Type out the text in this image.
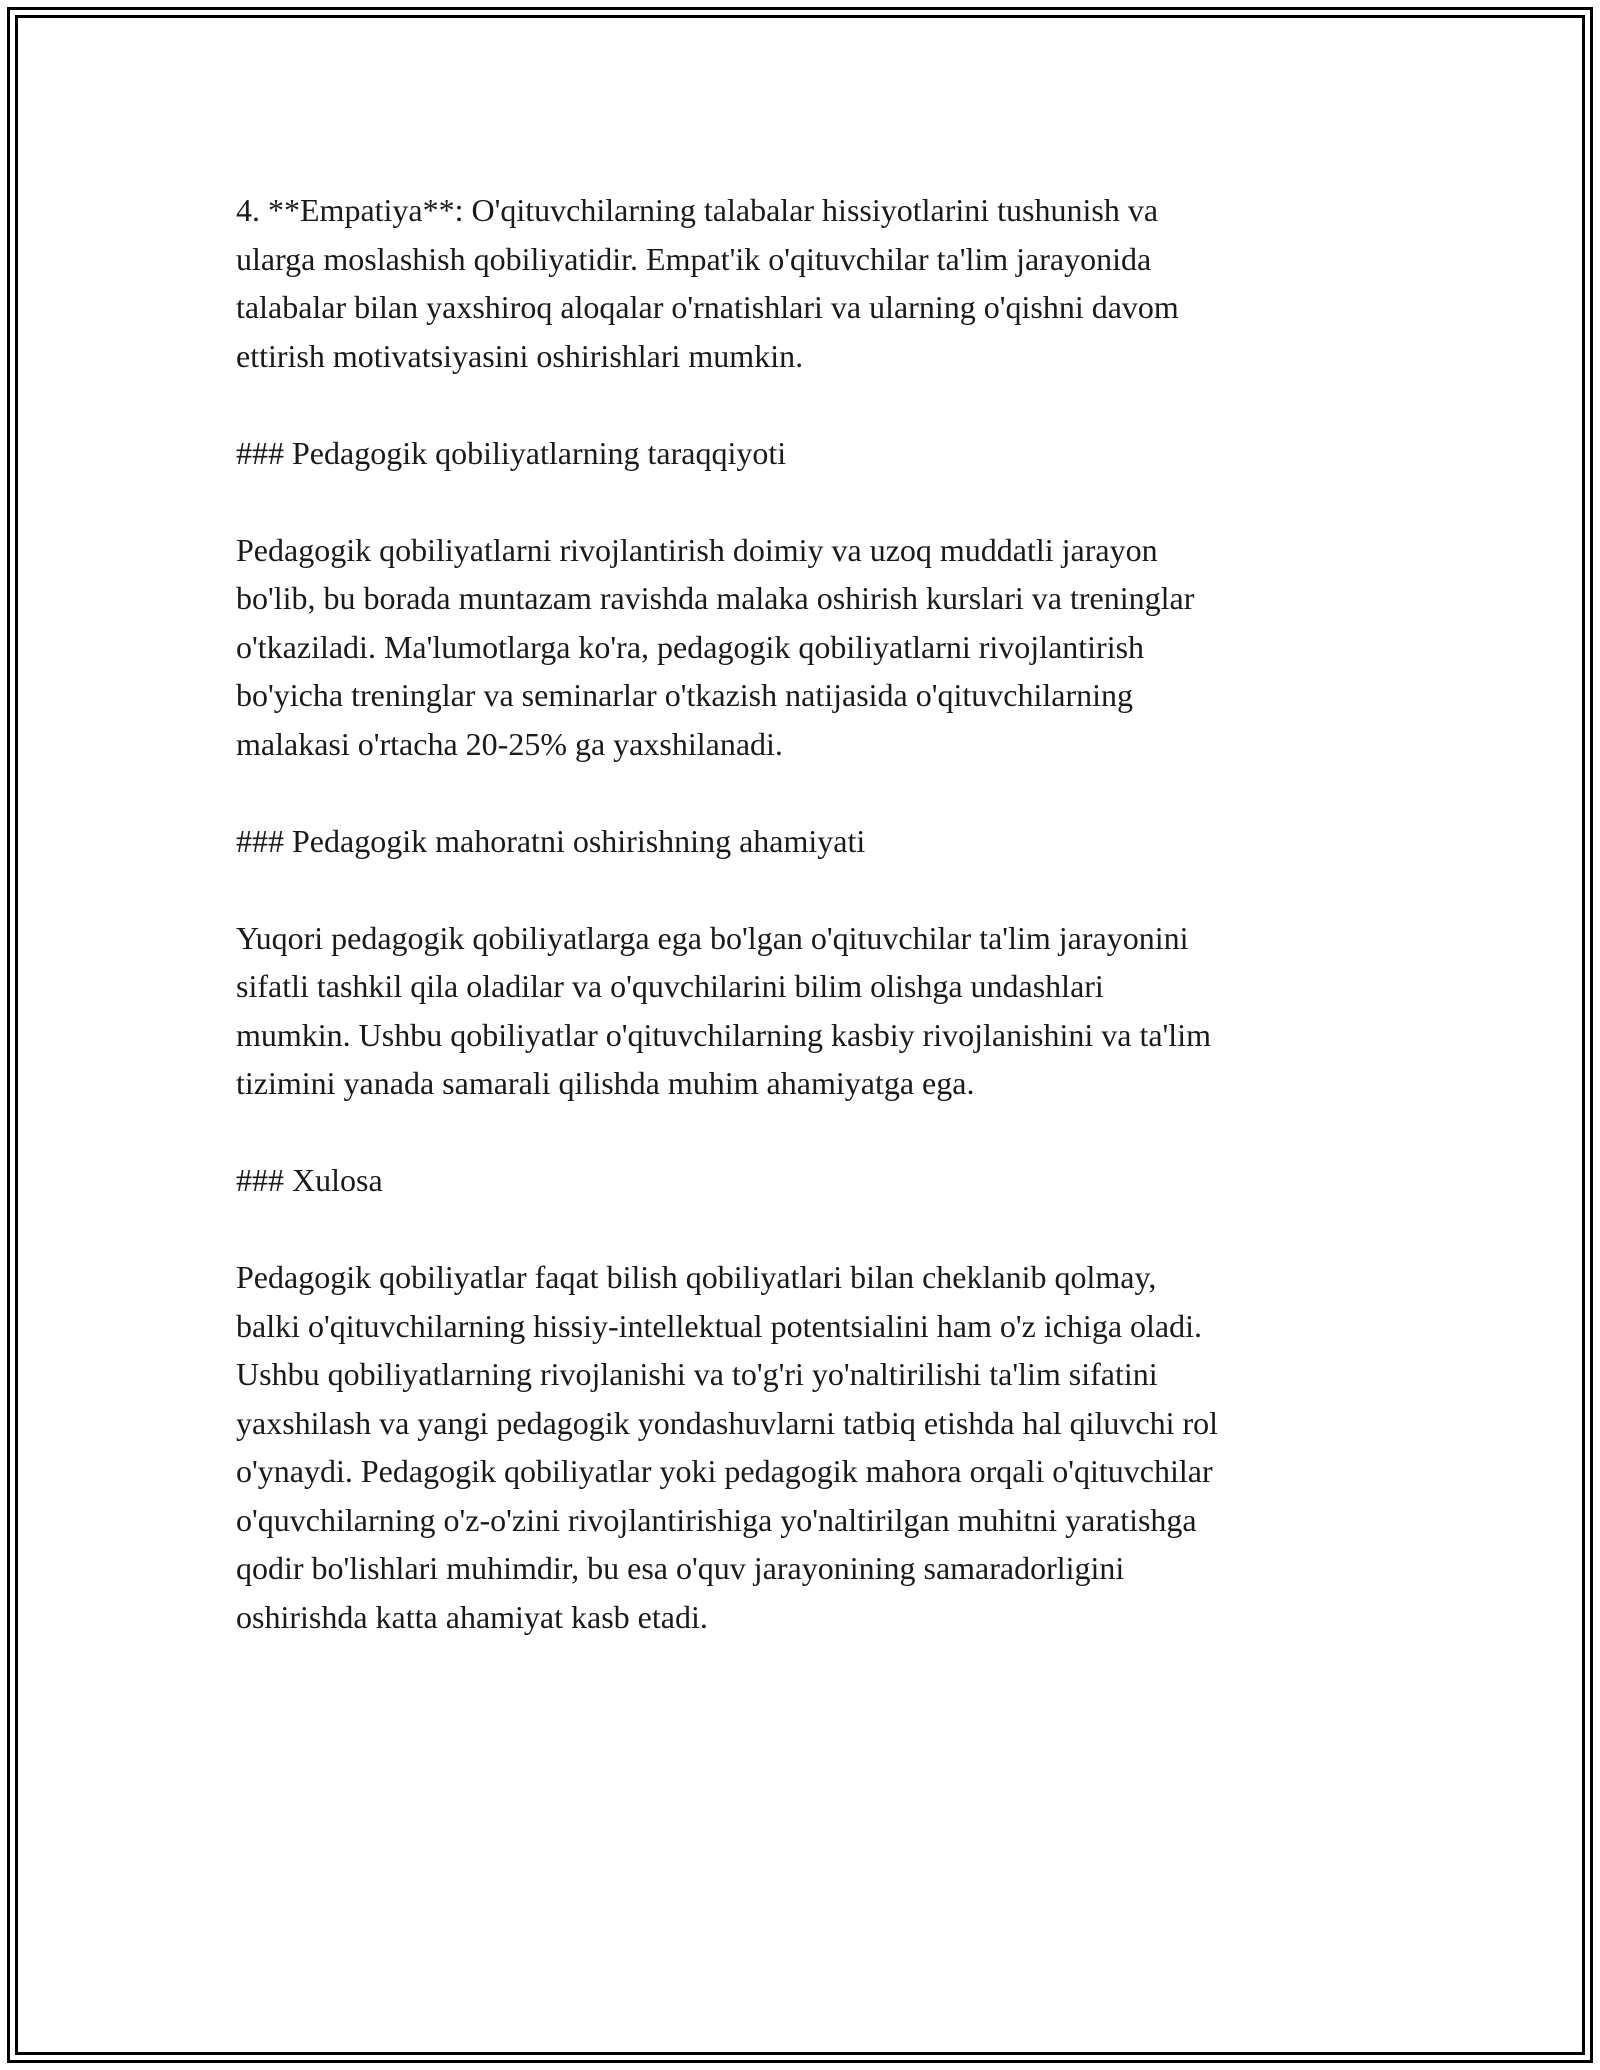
4. **Empatiya**: O'qituvchilarning talabalar hissiyotlarini tushunish va
ularga moslashish qobiliyatidir. Empat'ik o'qituvchilar ta'lim jarayonida
talabalar bilan yaxshiroq aloqalar o'rnatishlari va ularning o'qishni davom
ettirish motivatsiyasini oshirishlari mumkin.

### Pedagogik qobiliyatlarning taraqqiyoti

Pedagogik qobiliyatlarni rivojlantirish doimiy va uzoq muddatli jarayon
bo'lib, bu borada muntazam ravishda malaka oshirish kurslari va treninglar
o'tkaziladi. Ma'lumotlarga ko'ra, pedagogik qobiliyatlarni rivojlantirish
bo'yicha treninglar va seminarlar o'tkazish natijasida o'qituvchilarning
malakasi o'rtacha 20-25% ga yaxshilanadi.

### Pedagogik mahoratni oshirishning ahamiyati

Yuqori pedagogik qobiliyatlarga ega bo'lgan o'qituvchilar ta'lim jarayonini
sifatli tashkil qila oladilar va o'quvchilarini bilim olishga undashlari
mumkin. Ushbu qobiliyatlar o'qituvchilarning kasbiy rivojlanishini va ta'lim
tizimini yanada samarali qilishda muhim ahamiyatga ega.

### Xulosa

Pedagogik qobiliyatlar faqat bilish qobiliyatlari bilan cheklanib qolmay,
balki o'qituvchilarning hissiy-intellektual potentsialini ham o'z ichiga oladi.
Ushbu qobiliyatlarning rivojlanishi va to'g'ri yo'naltirilishi ta'lim sifatini
yaxshilash va yangi pedagogik yondashuvlarni tatbiq etishda hal qiluvchi rol
o'ynaydi. Pedagogik qobiliyatlar yoki pedagogik mahora orqali o'qituvchilar
o'quvchilarning o'z-o'zini rivojlantirishiga yo'naltirilgan muhitni yaratishga
qodir bo'lishlari muhimdir, bu esa o'quv jarayonining samaradorligini
oshirishda katta ahamiyat kasb etadi.
